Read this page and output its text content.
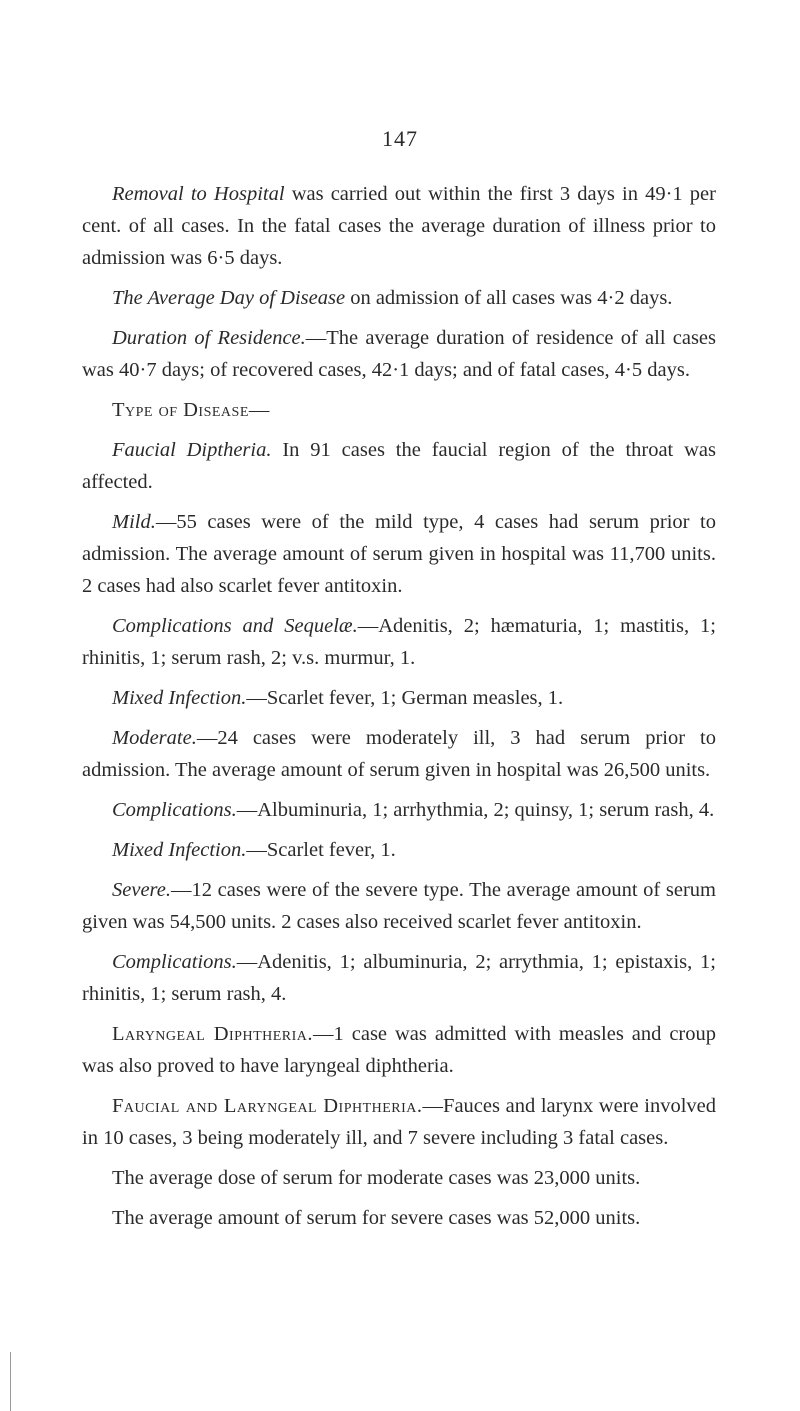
147

Removal to Hospital was carried out within the first 3 days in 49·1 per cent. of all cases. In the fatal cases the average duration of illness prior to admission was 6·5 days.

The Average Day of Disease on admission of all cases was 4·2 days.

Duration of Residence.—The average duration of residence of all cases was 40·7 days; of recovered cases, 42·1 days; and of fatal cases, 4·5 days.

Type of Disease—

Faucial Diptheria. In 91 cases the faucial region of the throat was affected.

Mild.—55 cases were of the mild type, 4 cases had serum prior to admission. The average amount of serum given in hospital was 11,700 units. 2 cases had also scarlet fever antitoxin.

Complications and Sequelæ.—Adenitis, 2; hæmaturia, 1; mastitis, 1; rhinitis, 1; serum rash, 2; v.s. murmur, 1.

Mixed Infection.—Scarlet fever, 1; German measles, 1.

Moderate.—24 cases were moderately ill, 3 had serum prior to admission. The average amount of serum given in hospital was 26,500 units.

Complications.—Albuminuria, 1; arrhythmia, 2; quinsy, 1; serum rash, 4.

Mixed Infection.—Scarlet fever, 1.

Severe.—12 cases were of the severe type. The average amount of serum given was 54,500 units. 2 cases also received scarlet fever antitoxin.

Complications.—Adenitis, 1; albuminuria, 2; arrythmia, 1; epistaxis, 1; rhinitis, 1; serum rash, 4.

Laryngeal Diphtheria.—1 case was admitted with measles and croup was also proved to have laryngeal diphtheria.

Faucial and Laryngeal Diphtheria.—Fauces and larynx were involved in 10 cases, 3 being moderately ill, and 7 severe including 3 fatal cases.

The average dose of serum for moderate cases was 23,000 units.

The average amount of serum for severe cases was 52,000 units.
